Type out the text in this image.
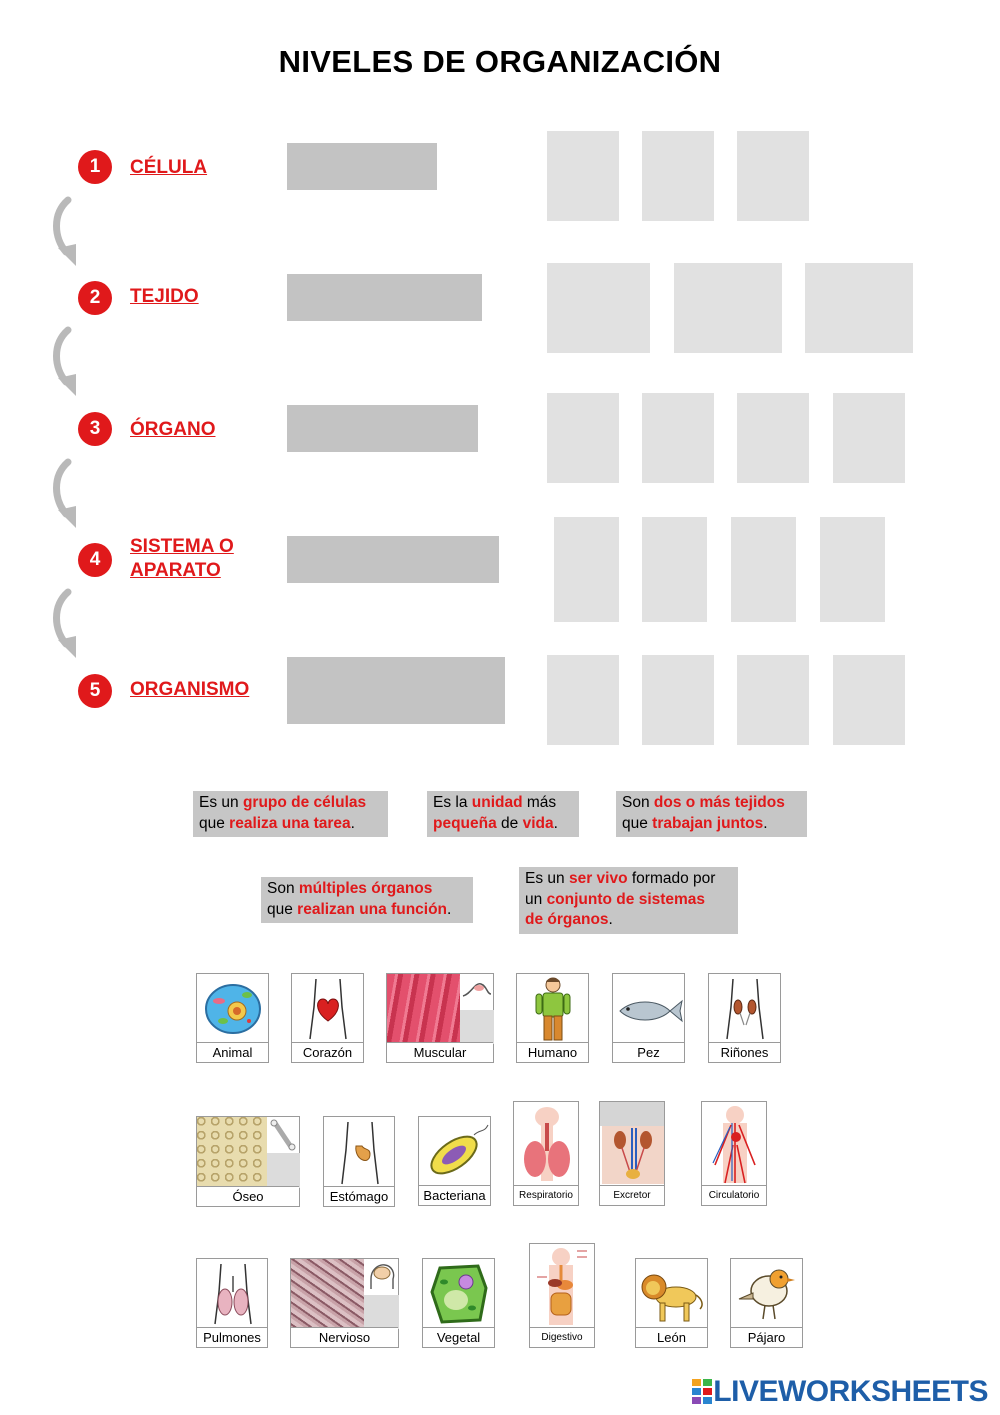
NIVELES DE ORGANIZACIÓN
1	CÉLULA
2	TEJIDO
3	ÓRGANO
4
SISTEMA O
APARATO
5	ORGANISMO
Es un grupo de células
que realiza una tarea.
Es la unidad más
pequeña de vida.
Son dos o más tejidos
que trabajan juntos.
Son múltiples órganos
que realizan una función.
Es un ser vivo formado por un conjunto de sistemas
de órganos.
Animal	Corazón	Muscular	Humano	Pez	Riñones
Óseo	Estómago	Bacteriana	Respiratorio	Excretor	Circulatorio
Pulmones	Nervioso	Vegetal	Digestivo	León	Pájaro
LIVEWORKSHEETS
